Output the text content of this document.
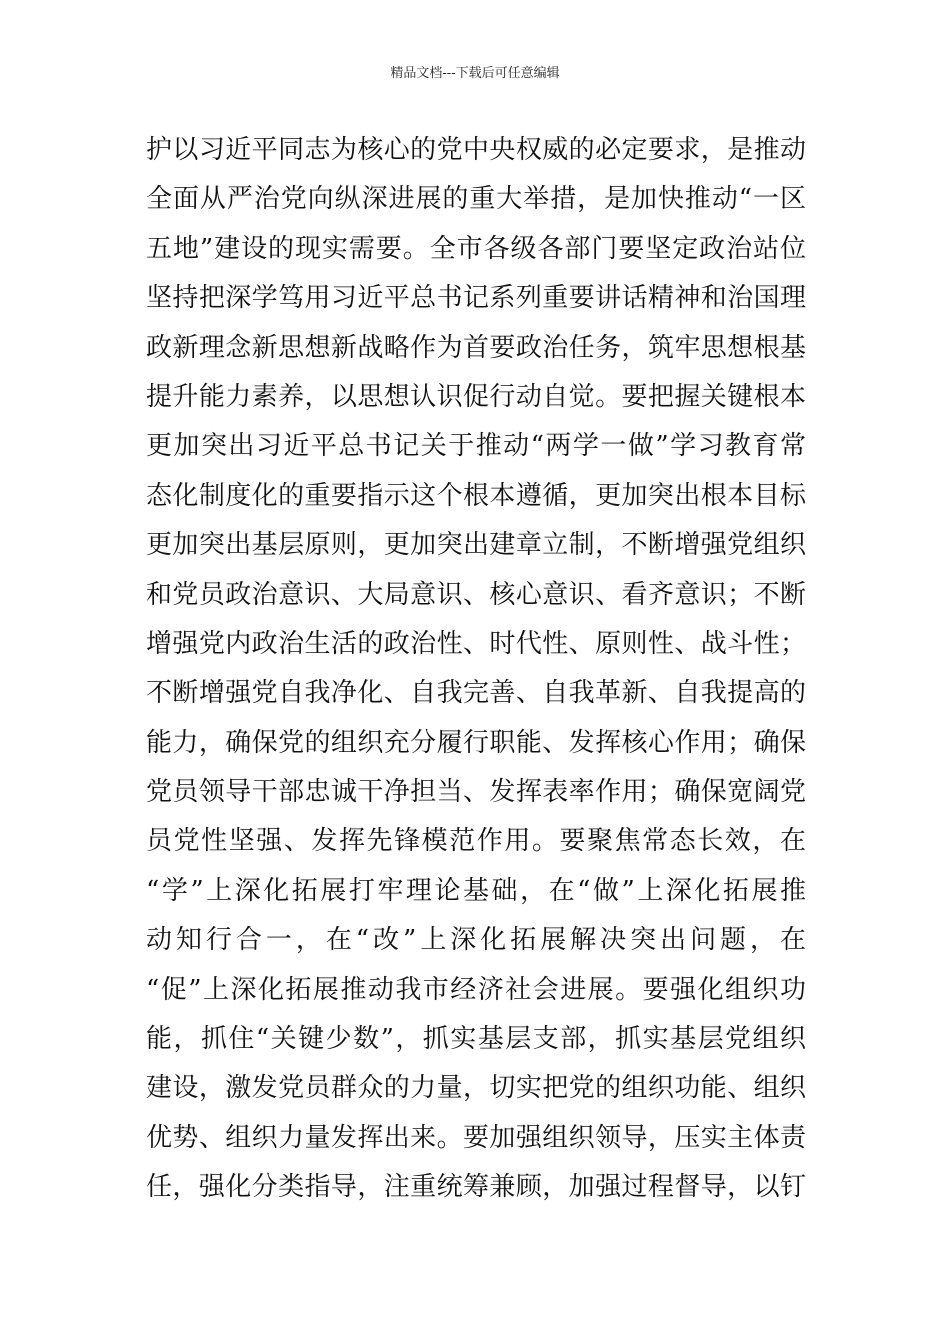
精品文档---下载后可任意编辑
护以习近平同志为核心的党中央权威的必定要求，是推动
全面从严治党向纵深进展的重大举措，是加快推动“一区
五地”建设的现实需要。全市各级各部门要坚定政治站位
坚持把深学笃用习近平总书记系列重要讲话精神和治国理
政新理念新思想新战略作为首要政治任务，筑牢思想根基
提升能力素养，以思想认识促行动自觉。要把握关键根本
更加突出习近平总书记关于推动“两学一做”学习教育常
态化制度化的重要指示这个根本遵循，更加突出根本目标
更加突出基层原则，更加突出建章立制，不断增强党组织
和党员政治意识、大局意识、核心意识、看齐意识；不断
增强党内政治生活的政治性、时代性、原则性、战斗性；
不断增强党自我净化、自我完善、自我革新、自我提高的
能力，确保党的组织充分履行职能、发挥核心作用；确保
党员领导干部忠诚干净担当、发挥表率作用；确保宽阔党
员党性坚强、发挥先锋模范作用。要聚焦常态长效，在
“学”上深化拓展打牢理论基础，在“做”上深化拓展推
动知行合一，在“改”上深化拓展解决突出问题，在
“促”上深化拓展推动我市经济社会进展。要强化组织功
能，抓住“关键少数”，抓实基层支部，抓实基层党组织
建设，激发党员群众的力量，切实把党的组织功能、组织
优势、组织力量发挥出来。要加强组织领导，压实主体责
任，强化分类指导，注重统筹兼顾，加强过程督导，以钉
